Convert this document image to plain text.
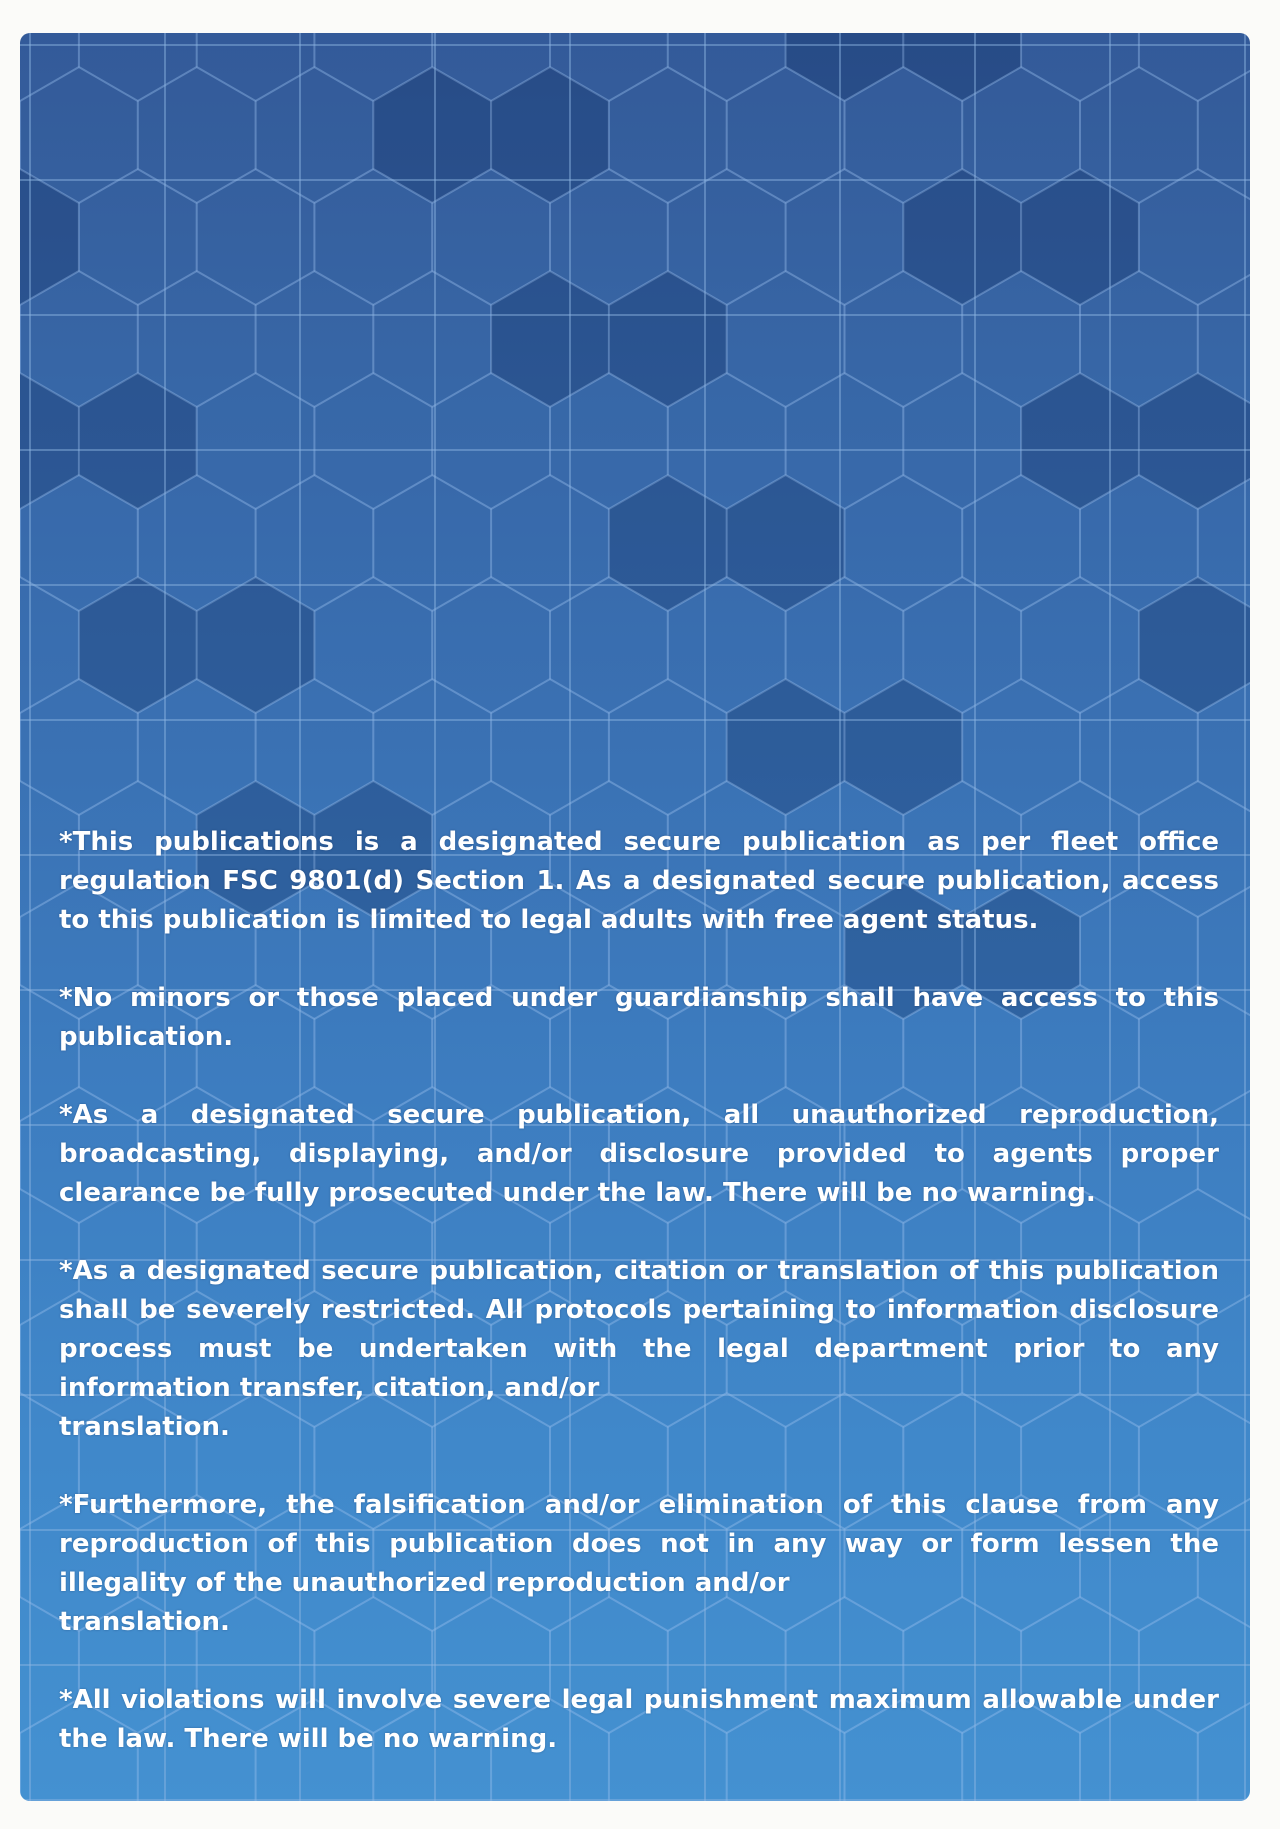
*This publications is a designated secure publication as per fleet office regulation FSC 9801(d) Section 1. As a designated secure publication, access to this publication is limited to legal adults with free agent status.

*No minors or those placed under guardianship shall have access to this publication.

*As a designated secure publication, all unauthorized reproduction, broadcasting, displaying, and/or disclosure provided to agents proper clearance be fully prosecuted under the law. There will be no warning.

*As a designated secure publication, citation or translation of this publication shall be severely restricted. All protocols pertaining to information disclosure process must be undertaken with the legal department prior to any information transfer, citation, and/or
translation.

*Furthermore, the falsification and/or elimination of this clause from any reproduction of this publication does not in any way or form lessen the illegality of the unauthorized reproduction and/or
translation.

*All violations will involve severe legal punishment maximum allowable under the law. There will be no warning.
